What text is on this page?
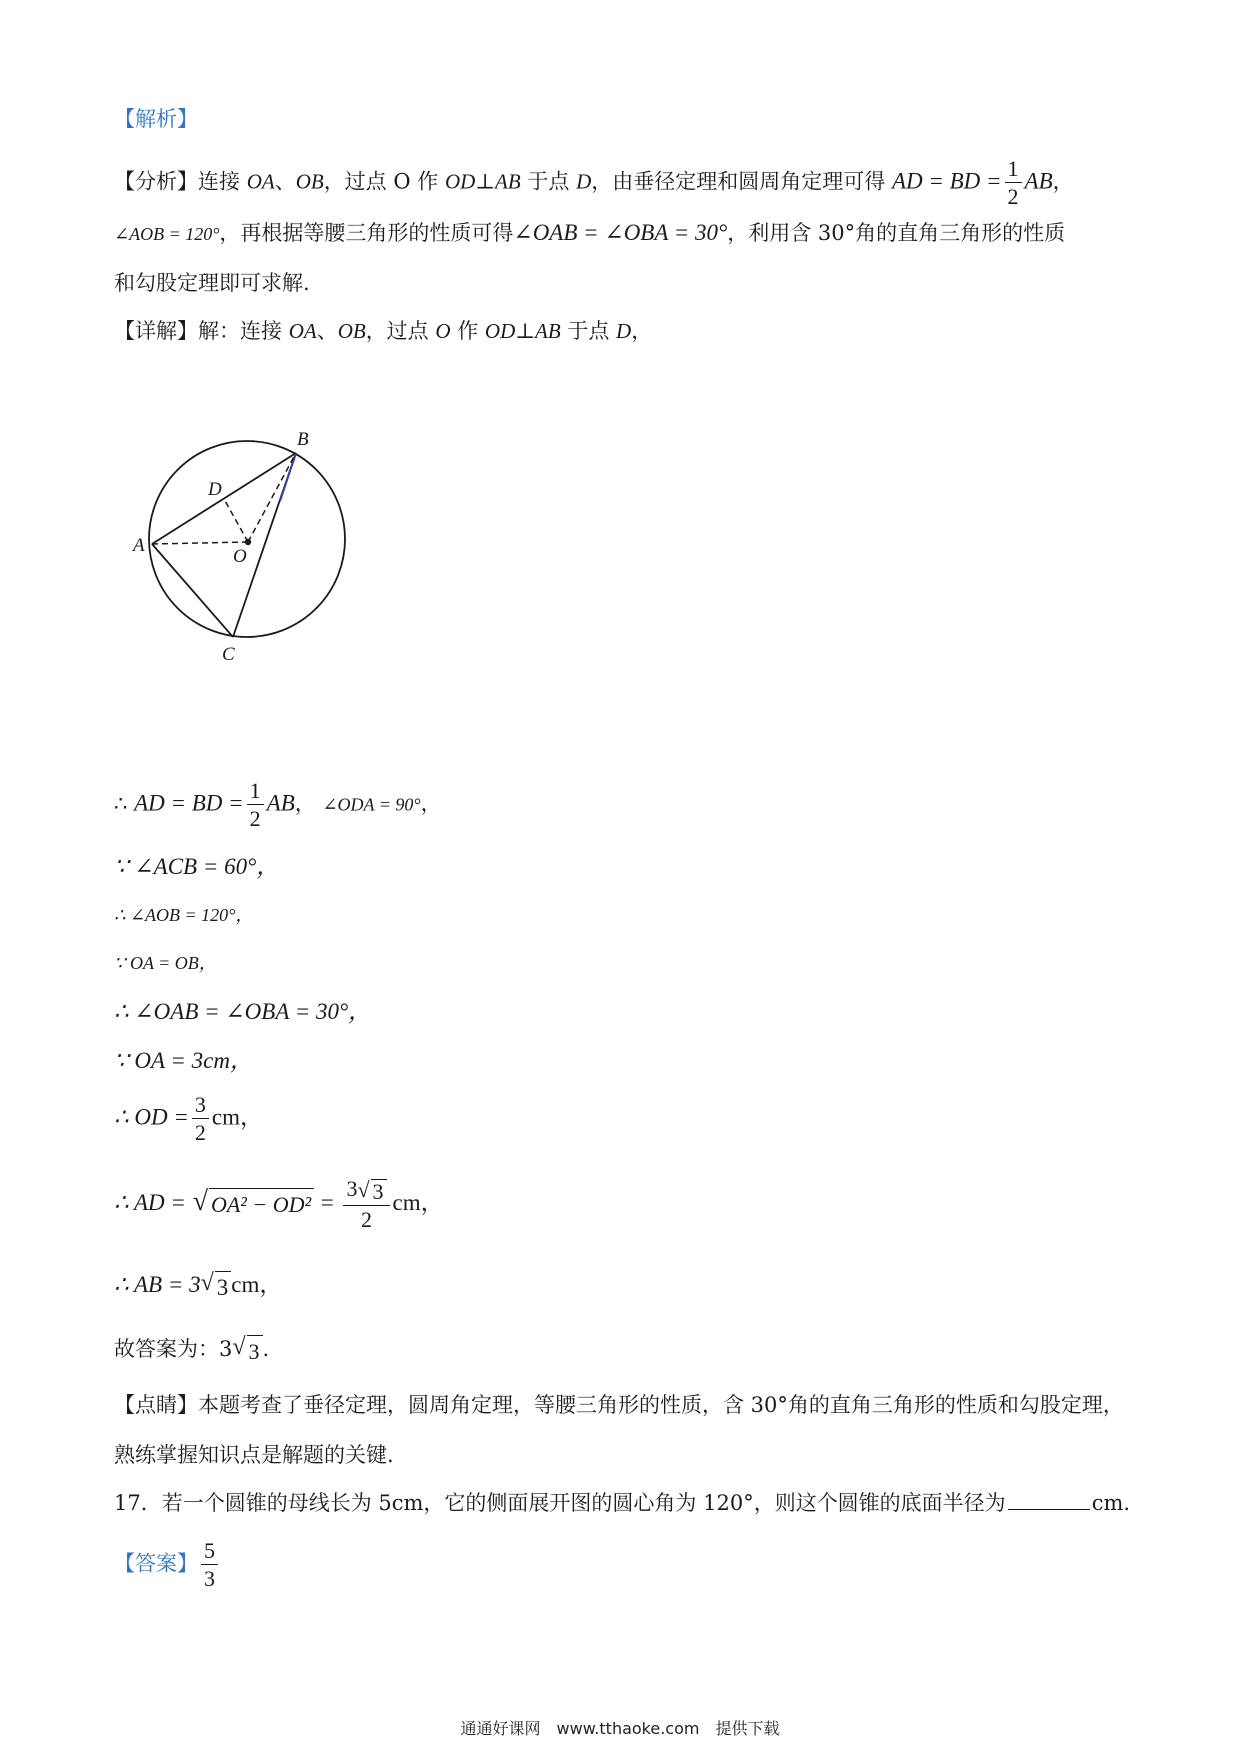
【解析】
【分析】连接 OA、OB，过点 O 作 OD⊥AB 于点 D，由垂径定理和圆周角定理可得 AD = BD = $\frac{1}{2}$ AB，
∠AOB = 120°，再根据等腰三角形的性质可得∠OAB = ∠OBA = 30°，利用含 30°角的直角三角形的性质
和勾股定理即可求解.
【详解】解：连接 OA、OB，过点 O 作 OD⊥AB 于点 D，
B
D
A
O
C
∴ AD = BD = $\frac{1}{2}$ AB， ∠ODA = 90°，
∵ ∠ACB = 60°，
∴ ∠AOB = 120°，
∵ OA = OB，
∴ ∠OAB = ∠OBA = 30°，
∵ OA = 3cm，
∴ OD = $\frac{3}{2}$ cm，
∴ AD = √ $OA^2 - OD^2 = \frac{3 √ 3}{2}$ cm，
∴ AB = 3 √ 3 cm，
故答案为：3 √ 3 .
【点睛】本题考查了垂径定理，圆周角定理，等腰三角形的性质，含 30°角的直角三角形的性质和勾股定理，
熟练掌握知识点是解题的关键.
17．若一个圆锥的母线长为 5cm，它的侧面展开图的圆心角为 120°，则这个圆锥的底面半径为	cm.
【答案】 $\frac{5}{3}$
通通好课网　www.tthaoke.com　提供下载
